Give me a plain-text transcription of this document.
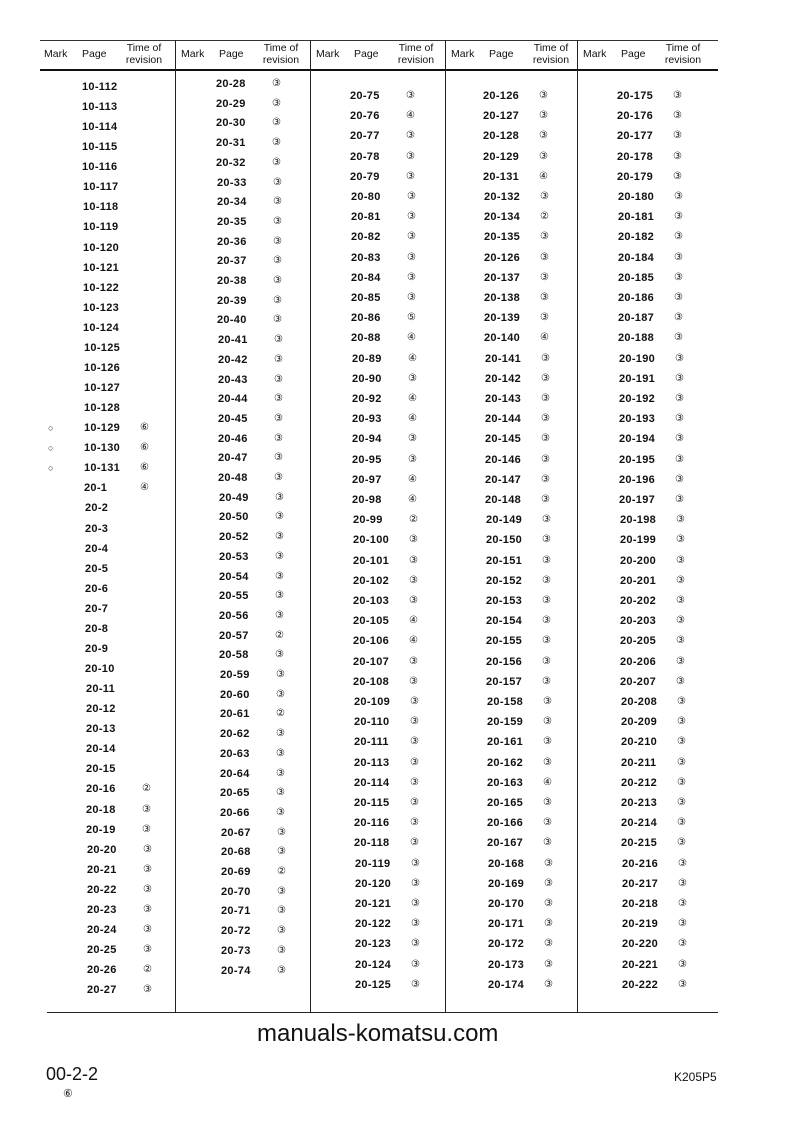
Mark Page	Time of revision	Mark Page	Time of revision	Mark Page	Time of revision	Mark Page	Time of revision	Mark Page	Time of revision
10-112
10-113
10-114
10-115
10-116
10-117
10-118
10-119
10-120
10-121
10-122
10-123
10-124
10-125
10-126
10-127
10-128
○	10-129 ⑥
○	10-130 ⑥
○	10-131 ⑥
20-1	④
20-2
20-3
20-4
20-5
20-6
20-7
20-8
20-9
20-10
20-11
20-12
20-13
20-14
20-15
20-16	②
20-18	③
20-19	③
20-20	③
20-21	③
20-22	③
20-23	③
20-24	③
20-25	③
20-26	②
20-27	③
20-28	③
20-29	③
20-30	③
20-31	③
20-32	③
20-33	③
20-34	③
20-35	③
20-36	③
20-37	③
20-38	③
20-39	③
20-40	③
20-41	③
20-42	③
20-43	③
20-44	③
20-45	③
20-46	③
20-47	③
20-48	③
20-49	③
20-50	③
20-52	③
20-53	③
20-54	③
20-55	③
20-56	③
20-57	②
20-58	③
20-59	③
20-60	③
20-61	②
20-62	③
20-63	③
20-64	③
20-65	③
20-66	③
20-67	③
20-68	③
20-69	②
20-70	③
20-71	③
20-72	③
20-73	③
20-74	③
20-75	③
20-76	④
20-77	③
20-78	③
20-79	③
20-80	③
20-81	③
20-82	③
20-83	③
20-84	③
20-85	③
20-86	⑤
20-88	④
20-89	④
20-90	③
20-92	④
20-93	④
20-94	③
20-95	③
20-97	④
20-98	④
20-99	②
20-100 ③
20-101 ③
20-102 ③
20-103 ③
20-105 ④
20-106 ④
20-107 ③
20-108 ③
20-109 ③
20-110 ③
20-111 ③
20-113 ③
20-114 ③
20-115 ③
20-116 ③
20-118 ③
20-119 ③
20-120 ③
20-121 ③
20-122 ③
20-123 ③
20-124 ③
20-125 ③
20-126 ③
20-127 ③
20-128 ③
20-129 ③
20-131 ④
20-132 ③
20-134 ②
20-135 ③
20-126 ③
20-137 ③
20-138 ③
20-139 ③
20-140 ④
20-141 ③
20-142 ③
20-143 ③
20-144 ③
20-145 ③
20-146 ③
20-147 ③
20-148 ③
20-149 ③
20-150 ③
20-151 ③
20-152 ③
20-153 ③
20-154 ③
20-155 ③
20-156 ③
20-157 ③
20-158 ③
20-159 ③
20-161 ③
20-162 ③
20-163 ④
20-165 ③
20-166 ③
20-167 ③
20-168 ③
20-169 ③
20-170 ③
20-171 ③
20-172 ③
20-173 ③
20-174 ③
20-175 ③
20-176 ③
20-177 ③
20-178 ③
20-179 ③
20-180 ③
20-181 ③
20-182 ③
20-184 ③
20-185 ③
20-186 ③
20-187 ③
20-188 ③
20-190 ③
20-191 ③
20-192 ③
20-193 ③
20-194 ③
20-195 ③
20-196 ③
20-197 ③
20-198 ③
20-199 ③
20-200 ③
20-201 ③
20-202 ③
20-203 ③
20-205 ③
20-206 ③
20-207 ③
20-208 ③
20-209 ③
20-210 ③
20-211 ③
20-212 ③
20-213 ③
20-214 ③
20-215 ③
20-216 ③
20-217 ③
20-218 ③
20-219 ③
20-220 ③
20-221 ③
20-222 ③
manuals-komatsu.com
00-2-2
⑥
K205P5
